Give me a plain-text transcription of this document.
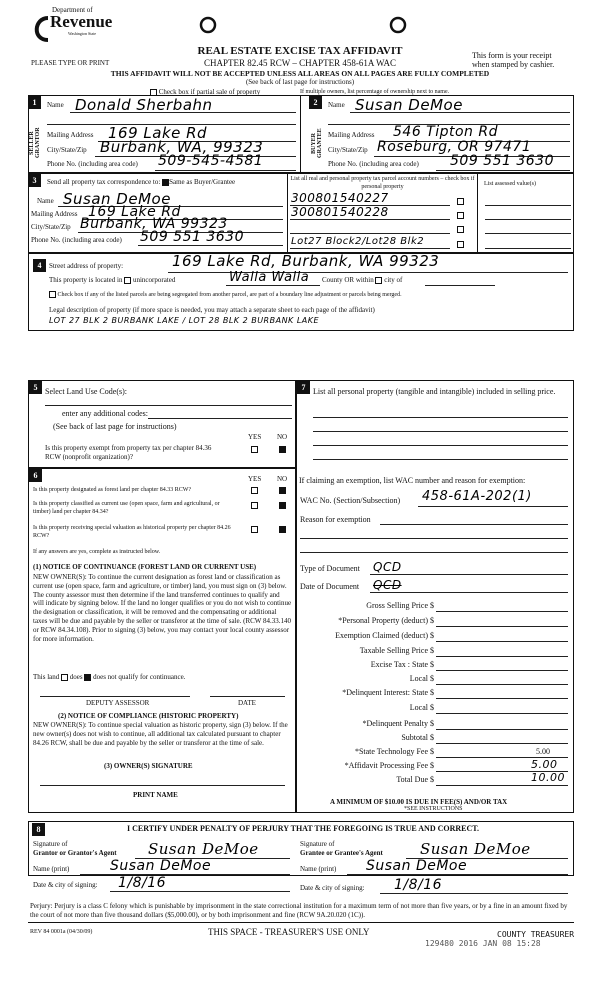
Department of
Revenue
Washington State
PLEASE TYPE OR PRINT
REAL ESTATE EXCISE TAX AFFIDAVIT
CHAPTER 82.45 RCW – CHAPTER 458-61A WAC
THIS AFFIDAVIT WILL NOT BE ACCEPTED UNLESS ALL AREAS ON ALL PAGES ARE FULLY COMPLETED
(See back of last page for instructions)
This form is your receipt
when stamped by cashier.
Check box if partial sale of property	If multiple owners, list percentage of ownership next to name.
1	2
SELLER GRANTOR	BUYER GRANTEE
Name Donald Sherbahn
Mailing Address 169 Lake Rd
City/State/Zip Burbank, WA, 99323
Phone No. (including area code) 509-545-4581
Name Susan DeMoe
Mailing Address 546 Tipton Rd
City/State/Zip Roseburg, OR 97471
Phone No. (including area code) 509 551 3630
3	Send all property tax correspondence to: Same as Buyer/Grantee
Name Susan DeMoe
Mailing Address 169 Lake Rd
City/State/Zip Burbank, WA 99323
Phone No. (including area code) 509 551 3630
List all real and personal property tax parcel account numbers – check box if personal property	List assessed value(s)
300801540227
300801540228
Lot27 Block2/Lot28 Blk2
4	Street address of property:	169 Lake Rd, Burbank, WA 99323
This property is located in unincorporated	Walla Walla County OR within city of
Check box if any of the listed parcels are being segregated from another parcel, are part of a boundary line adjustment or parcels being merged.
Legal description of property (if more space is needed, you may attach a separate sheet to each page of the affidavit)
LOT 27 BLK 2 BURBANK LAKE / LOT 28 BLK 2 BURBANK LAKE
5 Select Land Use Code(s):
enter any additional codes:
(See back of last page for instructions)
YES NO
Is this property exempt from property tax per chapter 84.36 RCW (nonprofit organization)?
6	YES NO
Is this property designated as forest land per chapter 84.33 RCW?
Is this property classified as current use (open space, farm and agricultural, or timber) land per chapter 84.34?
Is this property receiving special valuation as historical property per chapter 84.26 RCW?
If any answers are yes, complete as instructed below.
(1) NOTICE OF CONTINUANCE (FOREST LAND OR CURRENT USE)
NEW OWNER(S): To continue the current designation as forest land or classification as current use (open space, farm and agriculture, or timber) land, you must sign on (3) below. The county assessor must then determine if the land transferred continues to qualify and will indicate by signing below. If the land no longer qualifies or you do not wish to continue the designation or classification, it will be removed and the compensating or additional taxes will be due and payable by the seller or transferor at the time of sale. (RCW 84.33.140 or RCW 84.34.108). Prior to signing (3) below, you may contact your local county assessor for more information.
This land does does not qualify for continuance.
DEPUTY ASSESSOR	DATE
(2) NOTICE OF COMPLIANCE (HISTORIC PROPERTY)
NEW OWNER(S): To continue special valuation as historic property, sign (3) below. If the new owner(s) does not wish to continue, all additional tax calculated pursuant to chapter 84.26 RCW, shall be due and payable by the seller or transferor at the time of sale.
(3) OWNER(S) SIGNATURE
PRINT NAME
7 List all personal property (tangible and intangible) included in selling price.
If claiming an exemption, list WAC number and reason for exemption:
WAC No. (Section/Subsection) 458-61A-202(1)
Reason for exemption
Type of Document QCD
Date of Document QCD
Gross Selling Price $
*Personal Property (deduct) $
Exemption Claimed (deduct) $
Taxable Selling Price $
Excise Tax : State $
Local $
*Delinquent Interest: State $
Local $
*Delinquent Penalty $
Subtotal $
*State Technology Fee $	5.00
*Affidavit Processing Fee $	5.00
Total Due $	10.00
A MINIMUM OF $10.00 IS DUE IN FEE(S) AND/OR TAX
*SEE INSTRUCTIONS
8	I CERTIFY UNDER PENALTY OF PERJURY THAT THE FOREGOING IS TRUE AND CORRECT.
Signature of
Grantor or Grantor's Agent Susan DeMoe
Name (print)	Susan DeMoe
Signature of
Grantee or Grantee's Agent Susan DeMoe
Name (print) Susan DeMoe
Date & city of signing: 1/8/16	Date & city of signing: 1/8/16
Perjury: Perjury is a class C felony which is punishable by imprisonment in the state correctional institution for a maximum term of not more than five years, or by a fine in an amount fixed by the court of not more than five thousand dollars ($5,000.00), or by both imprisonment and fine (RCW 9A.20.020 (1C)).
REV 84 0001a (04/30/09)	THIS SPACE - TREASURER'S USE ONLY	COUNTY TREASURER
129480 2016 JAN 08 15:28
